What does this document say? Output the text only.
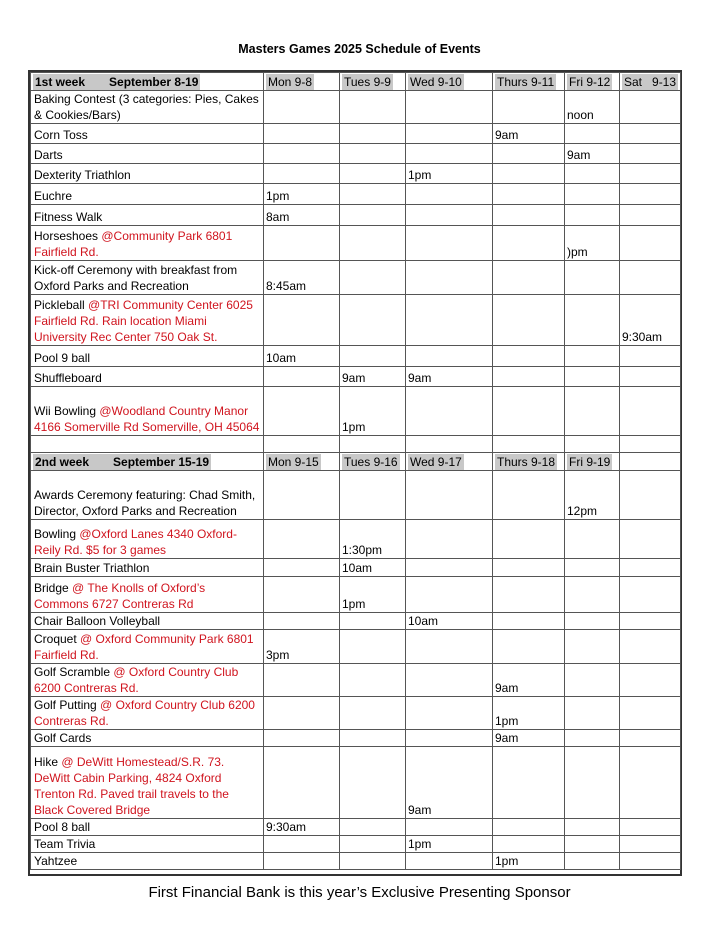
Masters Games 2025 Schedule of Events
1st week September 8-19	Mon 9-8	Tues 9-9	Wed 9-10	Thurs 9-11	Fri 9-12	Sat   9-13
Baking Contest (3 categories: Pies, Cakes & Cookies/Bars)					noon	
Corn Toss				9am		
Darts					9am	
Dexterity Triathlon			1pm			
Euchre	1pm					
Fitness Walk	8am					
Horseshoes @Community Park 6801 Fairfield Rd.					)pm	
Kick-off Ceremony with breakfast from Oxford Parks and Recreation	8:45am					
Pickleball @TRI Community Center 6025 Fairfield Rd. Rain location Miami University Rec Center 750 Oak St.						9:30am
Pool 9 ball	10am					
Shuffleboard		9am	9am			
Wii Bowling @Woodland Country Manor 4166 Somerville Rd Somerville, OH 45064		1pm				

2nd week September 15-19	Mon 9-15	Tues 9-16	Wed 9-17	Thurs 9-18	Fri 9-19	
Awards Ceremony featuring: Chad Smith, Director, Oxford Parks and Recreation					12pm	
Bowling @Oxford Lanes 4340 Oxford-Reily Rd. $5 for 3 games		1:30pm				
Brain Buster Triathlon		10am				
Bridge @ The Knolls of Oxford’s Commons 6727 Contreras Rd		1pm				
Chair Balloon Volleyball			10am			
Croquet @ Oxford Community Park 6801 Fairfield Rd.	3pm					
Golf Scramble @ Oxford Country Club 6200 Contreras Rd.				9am		
Golf Putting @ Oxford Country Club 6200 Contreras Rd.				1pm		
Golf Cards				9am		
Hike @ DeWitt Homestead/S.R. 73. DeWitt Cabin Parking, 4824 Oxford Trenton Rd. Paved trail travels to the Black Covered Bridge			9am			
Pool 8 ball	9:30am					
Team Trivia			1pm			
Yahtzee				1pm		
First Financial Bank is this year’s Exclusive Presenting Sponsor
